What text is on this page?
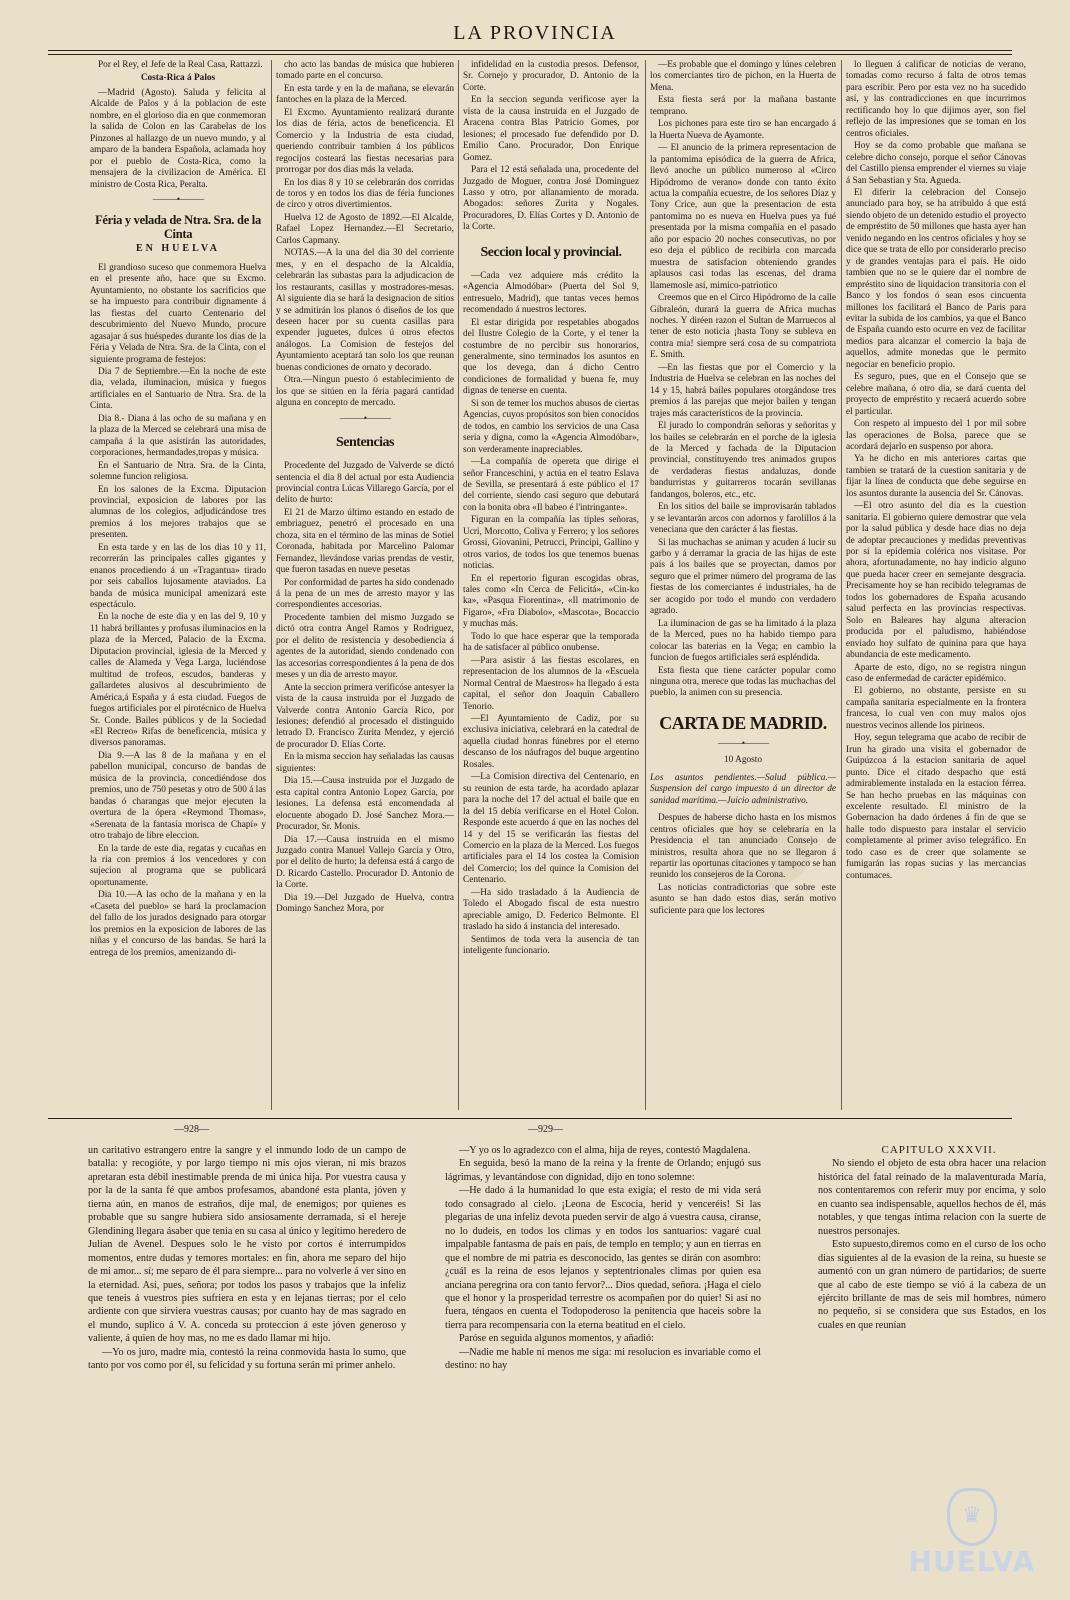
LA PROVINCIA

Por el Rey, el Jefe de la Real Casa, Rattazzi.

Costa-Rica á Palos

—Madrid (Agosto). Saluda y felicita al Alcalde de Palos y á la poblacion de este nombre, en el glorioso dia en que conmemoran la salida de Colon en las Carabelas de los Pinzones al hallazgo de un nuevo mundo, y al amparo de la bandera Española, aclamada hoy por el pueblo de Costa-Rica, como la mensajera de la civilizacion de América. El ministro de Costa Rica, Peralta.

———•———

Féria y velada de Ntra. Sra. de la Cinta

EN HUELVA

El grandioso suceso que conmemora Huelva en el presente año, hace que su Excmo. Ayuntamiento, no obstante los sacrificios que se ha impuesto para contribuir dignamente á las fiestas del cuarto Centenario del descubrimiento del Nuevo Mundo, procure agasajar á sus huéspedes durante los dias de la Féria y Velada de Ntra. Sra. de la Cinta, con el siguiente programa de festejos:

Dia 7 de Septiembre.—En la noche de este dia, velada, iluminacion, música y fuegos artificiales en el Santuario de Ntra. Sra. de la Cinta.

Dia 8.- Diana á las ocho de su mañana y en la plaza de la Merced se celebrará una misa de campaña á la que asistirán las autoridades, corporaciones, hermandades,tropas y música.

En el Santuario de Ntra. Sra. de la Cinta, solemne funcion religiosa.

En los salones de la Excma. Diputacion provincial, exposicion de labores por las alumnas de los colegios, adjudicándose tres premios á los mejores trabajos que se presenten.

En esta tarde y en las de los dias 10 y 11, recorrerán las principales calles gigantes y enanos procediendo á un «Tragantua» tirado por seis caballos lujosamente ataviados. La banda de música municipal amenizará este espectáculo.

En la noche de este dia y en las del 9, 10 y 11 habrá brillantes y profusas iluminacios en la plaza de la Merced, Palacio de la Excma. Diputacion provincial, iglesia de la Merced y calles de Alameda y Vega Larga, luciéndose multitud de trofeos, escudos, banderas y gallardetes alusivos al descubrimiento de América,á España y á esta ciudad. Fuegos de fuegos artificiales por el pirotécnico de Huelva Sr. Conde. Bailes públicos y de la Sociedad «El Recreo» Rifas de beneficencia, música y diversos panoramas.

Dia 9.—A las 8 de la mañana y en el pabellon municipal, concurso de bandas de música de la provincia, concediéndose dos premios, uno de 750 pesetas y otro de 500 á las bandas ó charangas que mejor ejecuten la overtura de la ópera «Reymond Thomas», «Serenata de la fantasía morisca de Chapí» y otro trabajo de libre eleccion.

En la tarde de este dia, regatas y cucañas en la ria con premios á los vencedores y con sujecion al programa que se publicará oportunamente.

Dia 10.—A las ocho de la mañana y en la «Caseta del pueblo» se hará la proclamacion del fallo de los jurados designado para otorgar los premios en la exposicion de labores de las niñas y el concurso de las bandas. Se hará la entrega de los premios, amenizando di-

cho acto las bandas de música que hubieren tomado parte en el concurso.

En esta tarde y en la de mañana, se elevarán fantoches en la plaza de la Merced.

El Excmo. Ayuntamiento realizará durante los dias de féria, actos de beneficencia. El Comercio y la Industria de esta ciudad, queriendo contribuir tambien á los públicos regocijos costeará las fiestas necesarias para prorrogar por dos dias más la velada.

En los dias 8 y 10 se celebrarán dos corridas de toros y en todos los dias de féria funciones de circo y otros divertimientos.

Huelva 12 de Agosto de 1892.—El Alcalde, Rafael Lopez Hernandez.—El Secretario, Carlos Capmany.

NOTAS.—A la una del dia 30 del corriente mes, y en el despacho de la Alcaldía, celebrarán las subastas para la adjudicacion de los restaurants, casillas y mostradores-mesas. Al siguiente dia se hará la designacion de sitios y se admitirán los planos ó diseños de los que deseen hacer por su cuenta casillas para expender juguetes, dulces ú otros efectos análogos. La Comision de festejos del Ayuntamiento aceptará tan solo los que reunan buenas condiciones de ornato y decorado.

Otra.—Ningun puesto ó establecimiento de los que se sitúen en la féria pagará cantidad alguna en concepto de mercado.

———•———

Sentencias

Procedente del Juzgado de Valverde se dictó sentencia el dia 8 del actual por esta Audiencia provincial contra Lúcas Villarego García, por el delito de hurto:

El 21 de Marzo último estando en estado de embriaguez, penetró el procesado en una choza, sita en el término de las minas de Sotiel Coronada, habitada por Marcelino Palomar Fernandez, llevándose varias prendas de vestir, que fueron tasadas en nueve pesetas

Por conformidad de partes ha sido condenado á la pena de un mes de arresto mayor y las correspondientes accesorias.

Procedente tambien del mismo Juzgado se dictó otra contra Angel Ramos y Rodriguez, por el delito de resistencia y desobediencia á agentes de la autoridad, siendo condenado con las accesorias correspondientes á la pena de dos meses y un dia de arresto mayor.

Ante la seccion primera verificóse antesyer la vista de la causa instruida por el Juzgado de Valverde contra Antonio García Rico, por lesiones; defendió al procesado el distinguido letrado D. Francisco Zurita Mendez, y ejerció de procurador D. Elías Corte.

En la misma seccion hay señaladas las causas siguientes:

Dia 15.—Causa instruida por el Juzgado de esta capital contra Antonio Lopez García, por lesiones. La defensa está encomendada al elocuente abogado D. José Sanchez Mora.—Procurador, Sr. Monis.

Dia 17.—Causa instruida en el mismo Juzgado contra Manuel Vallejo García y Otro, por el delito de hurto; la defensa está á cargo de D. Ricardo Castello. Procurador D. Antonio de la Corte.

Dia 19.—Del Juzgado de Huelva, contra Domingo Sanchez Mora, por

infidelidad en la custodia presos. Defensor, Sr. Cornejo y procurador, D. Antonio de la Corte.

En la seccion segunda verificose ayer la vista de la causa instruida en el Juzgado de Aracena contra Blas Patricio Gomes, por lesiones; el procesado fue defendido por D. Emilio Cano. Procurador, Don Enrique Gomez.

Para el 12 está señalada una, procedente del Juzgado de Moguer, contra José Dominguez Lasso y otro, por allanamiento de morada. Abogados: señores Zurita y Nogales. Procuradores, D. Elías Cortes y D. Antonio de la Corte.

Seccion local y provincial.

—Cada vez adquiere más crédito la «Agencia Almodóbar» (Puerta del Sol 9, entresuelo, Madrid), que tantas veces hemos recomendado á nuestros lectores.

El estar dirigida por respetables abogados del Ilustre Colegio de la Corte, y el tener la costumbre de no percibir sus honorarios, generalmente, sino terminados los asuntos en que los devega, dan á dicho Centro condiciones de formalidad y buena fe, muy dignas de tenerse en cuenta.

Si son de temer los muchos abusos de ciertas Agencias, cuyos propósitos son bien conocidos de todos, en cambio los servicios de una Casa seria y digna, como la «Agencia Almodóbar», son verderamente inapreciables.

—La compañía de opereta que dirige el señor Franceschini, y actúa en el teatro Eslava de Sevilla, se presentará á este público el 17 del corriente, siendo casi seguro que debutará con la bonita obra «Il babeo é l'intringante».

Figuran en la compañía las tiples señoras, Ucri, Morcotto, Coliva y Ferrero; y los señores Grossi, Giovanini, Petrucci, Principi, Gallino y otros varios, de todos los que tenemos buenas noticias.

En el repertorio figuran escogidas obras, tales como «In Cerca de Felicitá», «Cin-ko ka», «Pasqua Fiorentina», «Il matrimonio de Fígaro», «Fra Diabolo», «Mascota», Bocaccio y muchas más.

Todo lo que hace esperar que la temporada ha de satisfacer al público onubense.

—Para asistir á las fiestas escolares, en representacion de los alumnos de la «Escuela Normal Central de Maestros» ha llegado á esta capital, el señor don Joaquín Caballero Tenorio.

—El Ayuntamiento de Cadiz, por su exclusiva iniciativa, celebrará en la catedral de aquella ciudad honras fúnebres por el eterno descanso de los náufragos del buque argentino Rosales.

—La Comision directiva del Centenario, en su reunion de esta tarde, ha acordado aplazar para la noche del 17 del actual el baile que en la del 15 debía verificarse en el Hotel Colon. Responde este acuerdo á que en las noches del 14 y del 15 se verificarán las fiestas del Comercio en la plaza de la Merced. Los fuegos artificiales para el 14 los costea la Comision del Comercio; los del quince la Comision del Centenario.

—Ha sido trasladado á la Audiencia de Toledo el Abogado fiscal de esta nuestro apreciable amigo, D. Federico Belmonte. El traslado ha sido á instancia del interesado.

Sentimos de toda vera la ausencia de tan inteligente funcionario.

—Es probable que el domingo y lúnes celebren los comerciantes tiro de pichon, en la Huerta de Mena.

Esta fiesta será por la mañana bastante temprano.

Los pichones para este tiro se han encargado á la Huerta Nueva de Ayamonte.

— El anuncio de la primera representacion de la pantomima episódica de la guerra de Africa, llevó anoche un público numeroso al «Circo Hipódromo de verano» donde con tanto éxito actua la compañía ecuestre, de los señores Díaz y Tony Crice, aun que la presentacion de esta pantomima no es nueva en Huelva pues ya fué presentada por la misma compañía en el pasado año por espacio 20 noches consecutivas, no por eso deja el público de recibirla con marcada muestra de satisfacion obteniendo grandes aplausos casi todas las escenas, del drama llamemosle así, mimico-patriotico

Creemos que en el Circo Hipódromo de la calle Gibraleón, durará la guerra de Africa muchas noches. Y diréen razon el Sultan de Marruecos al tener de esto noticia ¡hasta Tony se subleva en contra mia! siempre será cosa de su compatriota E. Smith.

—En las fiestas que por el Comercio y la Industria de Huelva se celebran en las noches del 14 y 15, habrá bailes populares otorgándose tres premios á las parejas que mejor bailen y tengan trajes más característicos de la provincia.

El jurado lo compondrán señoras y señoritas y los bailes se celebrarán en el porche de la iglesia de la Merced y fachada de la Diputacion provincial, constituyendo tres animados grupos de verdaderas fiestas andaluzas, donde bandurristas y guitarreros tocarán sevillanas fandangos, boleros, etc., etc.

En los sitios del baile se improvisarán tablados y se levantarán arcos con adornos y farolillos á la veneciana que den carácter á las fiestas.

Si las muchachas se animan y acuden á lucir su garbo y á derramar la gracia de las hijas de este país á los bailes que se proyectan, damos por seguro que el primer número del programa de las fiestas de los comerciantes é industriales, ha de ser acogido por todo el mundo con verdadero agrado.

La iluminacion de gas se ha limitado á la plaza de la Merced, pues no ha habido tiempo para colocar las baterias en la Vega; en cambio la funcion de fuegos artificiales será espléndida.

Esta fiesta que tiene carácter popular como ninguna otra, merece que todas las muchachas del pueblo, la animen con su presencia.

CARTA DE MADRID.

———•———

10 Agosto

Los asuntos pendientes.—Salud pública.—Suspension del cargo impuesto á un director de sanidad marítima.—Juicio administrativo.

Despues de haberse dicho hasta en los mismos centros oficiales que hoy se celebraría en la Presidencia el tan anunciado Consejo de ministros, resulta ahora que no se llegaron á repartir las oportunas citaciones y tampoco se han reunido los consejeros de la Corona.

Las noticias contradictorias que sobre este asunto se han dado estos dias, serán motivo suficiente para que los lectores

lo lleguen á calificar de noticias de verano, tomadas como recurso á falta de otros temas para escribir. Pero por esta vez no ha sucedido así, y las contradicciones en que incurrimos rectificando hoy lo que dijimos ayer, son fiel reflejo de las impresiones que se toman en los centros oficiales.

Hoy se da como probable que mañana se celebre dicho consejo, porque el señor Cánovas del Castillo piensa emprender el viernes su viaje á San Sebastian y Sta. Agueda.

El diferir la celebracion del Consejo anunciado para hoy, se ha atribuido á que está siendo objeto de un detenido estudio el proyecto de empréstito de 50 millones que hasta ayer han venido negando en los centros oficiales y hoy se dice que se trata de ello por considerarlo preciso y de grandes ventajas para el país. He oido tambien que no se le quiere dar el nombre de empréstito sino de liquidacion transitoria con el Banco y los fondos ó sean esos cincuenta millones los facilitará el Banco de Paris para evitar la subida de los cambios, ya que el Banco de España cuando esto ocurre en vez de facilitar medios para alcanzar el comercio la baja de aquellos, admite monedas que le permito negociar en beneficio propio.

Es seguro, pues, que en el Consejo que se celebre mañana, ó otro dia, se dará cuenta del proyecto de empréstito y recaerá acuerdo sobre el particular.

Con respeto al impuesto del 1 por mil sobre las operaciones de Bolsa, parece que se acordará dejarlo en suspenso por ahora.

Ya he dicho en mis anteriores cartas que tambien se tratará de la cuestion sanitaria y de fijar la línea de conducta que debe seguirse en los asuntos durante la ausencia del Sr. Cánovas.

—El otro asunto del dia es la cuestion sanitaria. El gobierno quiere demostrar que vela por la salud pública y desde hace dias no deja de adoptar precauciones y medidas preventivas por si la epidemia colérica nos visitase. Por ahora, afortunadamente, no hay indicio alguno que pueda hacer creer en semejante desgracia. Precisamente hoy se han recibido telegramas de todos los gobernadores de España acusando salud perfecta en las provincias respectivas. Solo en Baleares hay alguna alteracion producida por el paludismo, habiéndose enviado hoy sulfato de quinina para que haya abundancia de este medicamento.

Aparte de esto, digo, no se registra ningun caso de enfermedad de carácter epidémico.

El gobierno, no obstante, persiste en su campaña sanitaria especialmente en la frontera francesa, lo cual ven con muy malos ojos nuestros vecinos allende los pirineos.

Hoy, segun telegrama que acabo de recibir de Irun ha girado una visita el gobernador de Guipúzcoa á la estacion sanitaria de aquel punto. Dice el citado despacho que está admirablemente instalada en la estacion férrea. Se han hecho pruebas en las máquinas con excelente resultado. El ministro de la Gobernacion ha dado órdenes á fin de que se halle todo dispuesto para instalar el servicio completamente al primer aviso telegráfico. En todo caso es de creer que solamente se fumigarán las ropas sucias y las mercancias contumaces.

—928—	—929—

un caritativo estrangero entre la sangre y el inmundo lodo de un campo de batalla: y recogióte, y por largo tiempo ni mis ojos vieran, ni mis brazos apretaran esta débil inestimable prenda de mi única hija. Por vuestra causa y por la de la santa fé que ambos profesamos, abandoné esta planta, jóven y tierna aún, en manos de estraños, dije mal, de enemigos; por quienes es probable que su sangre hubiera sido ansiosamente derramada, si el hereje Glendining llegara ásaber que tenia en su casa al único y legítimo heredero de Julian de Avenel. Despues solo le he visto por cortos é interrumpidos momentos, entre dudas y temores mortales: en fin, ahora me separo del hijo de mi amor... sí; me separo de él para siempre... para no volverle á ver sino en la eternidad. Así, pues, señora; por todos los pasos y trabajos que la infeliz que teneis á vuestros pies sufriera en esta y en lejanas tierras; por el celo ardiente con que sirviera vuestras causas; por cuanto hay de mas sagrado en el mundo, suplico á V. A. conceda su proteccion á este jóven generoso y valiente, á quien de hoy mas, no me es dado llamar mi hijo.

—Yo os juro, madre mia, contestó la reina conmovida hasta lo sumo, que tanto por vos como por él, su felicidad y su fortuna serán mi primer anhelo.

—Y yo os lo agradezco con el alma, hija de reyes, contestó Magdalena.

En seguida, besó la mano de la reina y la frente de Orlando; enjugó sus lágrimas, y levantándose con dignidad, dijo en tono solemne:

—He dado á la humanidad lo que esta exigía; el resto de mi vida será todo consagrado al cielo. ¡Leona de Escocia, herid y venceréis! Si las plegarias de una infeliz devota pueden servir de algo á vuestra causa, ciranse, no lo dudeis, en todos los climas y en todos los santuarios: vagaré cual impalpable fantasma de país en país, de templo en templo; y aun en tierras en que el nombre de mi patria es desconocido, las gentes se dirán con asombro: ¿cuál es la reina de esos lejanos y septentrionales climas por quien esa anciana peregrina ora con tanto fervor?... Dios quedad, señora. ¡Haga el cielo que el honor y la prosperidad terrestre os acompañen por do quier! Si así no fuera, téngaos en cuenta el Todopoderoso la penitencia que haceis sobre la tierra para recompensaria con la eterna beatitud en el cielo.

Paróse en seguida algunos momentos, y añadió:

—Nadie me hable ni menos me siga: mi resolucion es invariable como el destino: no hay

CAPITULO XXXVII.

No siendo el objeto de esta obra hacer una relacion histórica del fatal reinado de la malaventurada María, nos contentaremos con referir muy por encima, y solo en cuanto sea indispensable, aquellos hechos de él, más notables, y que tengas íntima relacion con la suerte de nuestros personajes.

Esto supuesto,diremos como en el curso de los ocho dias siguientes al de la evasion de la reina, su hueste se aumentó con un gran número de partidarios; de suerte que al cabo de este tiempo se vió á la cabeza de un ejército brillante de mas de seis mil hombres, número no pequeño, si se considera que sus Estados, en los cuales en que reunían

♛
HUELVA
